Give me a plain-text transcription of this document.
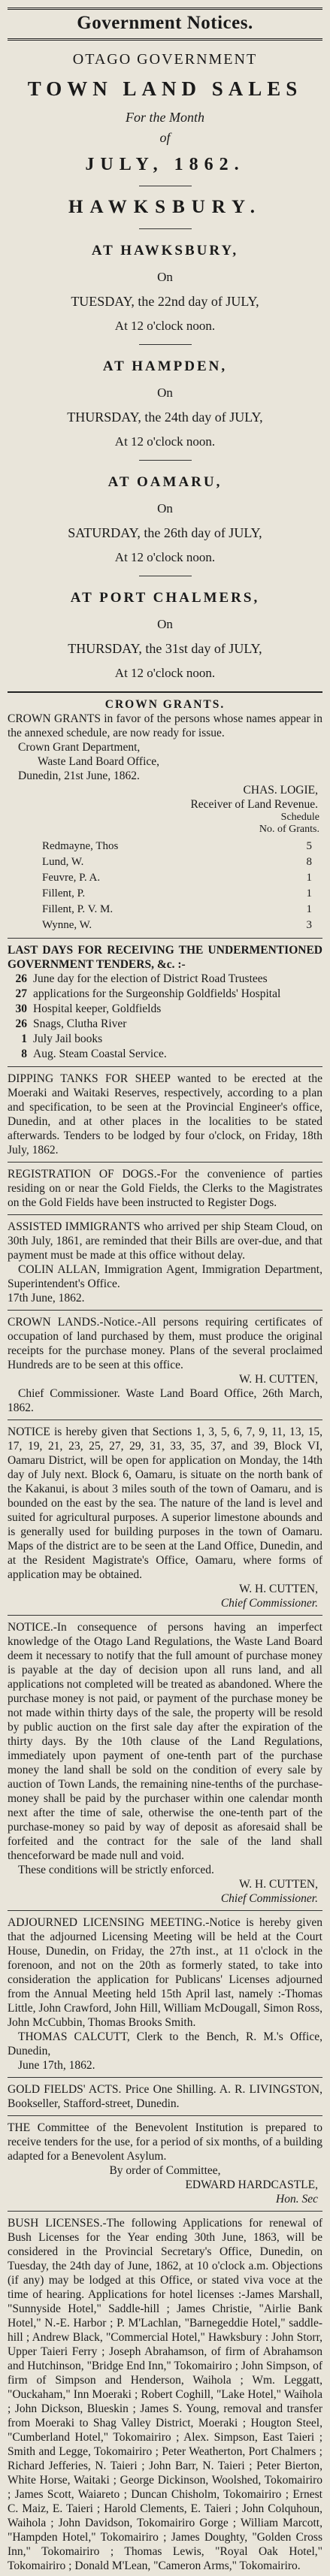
Government Notices.
OTAGO GOVERNMENT
TOWN LAND SALES
For the Month
of
JULY, 1862.
HAWKSBURY.
AT HAWKSBURY,
On
TUESDAY, the 22nd day of JULY,
At 12 o'clock noon.
AT HAMPDEN,
On
THURSDAY, the 24th day of JULY,
At 12 o'clock noon.
AT OAMARU,
On
SATURDAY, the 26th day of JULY,
At 12 o'clock noon.
AT PORT CHALMERS,
On
THURSDAY, the 31st day of JULY,
At 12 o'clock noon.
CROWN GRANTS.

CROWN GRANTS in favor of the persons whose names appear in the annexed schedule, are now ready for issue.

Crown Grant Department,

Waste Land Board Office,

Dunedin, 21st June, 1862.

CHAS. LOGIE,
Receiver of Land Revenue.
Schedule
No. of Grants.
Redmayne, Thos	5
Lund, W.	8
Feuvre, P. A.	1
Fillent, P.	1
Fillent, P. V. M.	1
Wynne, W.	3

LAST DAYS FOR RECEIVING THE UNDERMENTIONED GOVERNMENT TENDERS, &c. :-

26	June day for the election of District Road Trustees
27	applications for the Surgeonship Goldfields' Hospital
30	Hospital keeper, Goldfields
26	Snags, Clutha River
1	July Jail books
8	Aug. Steam Coastal Service.

DIPPING TANKS FOR SHEEP wanted to be erected at the Moeraki and Waitaki Reserves, respectively, according to a plan and specification, to be seen at the Provincial Engineer's office, Dunedin, and at other places in the localities to be stated afterwards. Tenders to be lodged by four o'clock, on Friday, 18th July, 1862.

REGISTRATION OF DOGS.-For the convenience of parties residing on or near the Gold Fields, the Clerks to the Magistrates on the Gold Fields have been instructed to Register Dogs.

ASSISTED IMMIGRANTS who arrived per ship Steam Cloud, on 30th July, 1861, are reminded that their Bills are over-due, and that payment must be made at this office without delay.

COLIN ALLAN, Immigration Agent, Immigration Department, Superintendent's Office.

17th June, 1862.

CROWN LANDS.-Notice.-All persons requiring certificates of occupation of land purchased by them, must produce the original receipts for the purchase money. Plans of the several proclaimed Hundreds are to be seen at this office.

W. H. CUTTEN,

Chief Commissioner. Waste Land Board Office, 26th March, 1862.

NOTICE is hereby given that Sections 1, 3, 5, 6, 7, 9, 11, 13, 15, 17, 19, 21, 23, 25, 27, 29, 31, 33, 35, 37, and 39, Block VI, Oamaru District, will be open for application on Monday, the 14th day of July next. Block 6, Oamaru, is situate on the north bank of the Kakanui, is about 3 miles south of the town of Oamaru, and is bounded on the east by the sea. The nature of the land is level and suited for agricultural purposes. A superior limestone abounds and is generally used for building purposes in the town of Oamaru. Maps of the district are to be seen at the Land Office, Dunedin, and at the Resident Magistrate's Office, Oamaru, where forms of application may be obtained.

W. H. CUTTEN,
Chief Commissioner.

NOTICE.-In consequence of persons having an imperfect knowledge of the Otago Land Regulations, the Waste Land Board deem it necessary to notify that the full amount of purchase money is payable at the day of decision upon all runs land, and all applications not completed will be treated as abandoned. Where the purchase money is not paid, or payment of the purchase money be not made within thirty days of the sale, the property will be resold by public auction on the first sale day after the expiration of the thirty days. By the 10th clause of the Land Regulations, immediately upon payment of one-tenth part of the purchase money the land shall be sold on the condition of every sale by auction of Town Lands, the remaining nine-tenths of the purchase-money shall be paid by the purchaser within one calendar month next after the time of sale, otherwise the one-tenth part of the purchase-money so paid by way of deposit as aforesaid shall be forfeited and the contract for the sale of the land shall thenceforward be made null and void.

These conditions will be strictly enforced.

W. H. CUTTEN,
Chief Commissioner.

ADJOURNED LICENSING MEETING.-Notice is hereby given that the adjourned Licensing Meeting will be held at the Court House, Dunedin, on Friday, the 27th inst., at 11 o'clock in the forenoon, and not on the 20th as formerly stated, to take into consideration the application for Publicans' Licenses adjourned from the Annual Meeting held 15th April last, namely :-Thomas Little, John Crawford, John Hill, William McDougall, Simon Ross, John McCubbin, Thomas Brooks Smith.

THOMAS CALCUTT, Clerk to the Bench, R. M.'s Office, Dunedin,

June 17th, 1862.

GOLD FIELDS' ACTS. Price One Shilling. A. R. LIVINGSTON, Bookseller, Stafford-street, Dunedin.

THE Committee of the Benevolent Institution is prepared to receive tenders for the use, for a period of six months, of a building adapted for a Benevolent Asylum.

By order of Committee,
EDWARD HARDCASTLE,
Hon. Sec

BUSH LICENSES.-The following Applications for renewal of Bush Licenses for the Year ending 30th June, 1863, will be considered in the Provincial Secretary's Office, Dunedin, on Tuesday, the 24th day of June, 1862, at 10 o'clock a.m. Objections (if any) may be lodged at this Office, or stated viva voce at the time of hearing. Applications for hotel licenses :-James Marshall, "Sunnyside Hotel," Saddle-hill ; James Christie, "Airlie Bank Hotel," N.-E. Harbor ; P. M'Lachlan, "Barnegeddie Hotel," saddle-hill ; Andrew Black, "Commercial Hotel," Hawksbury : John Storr, Upper Taieri Ferry ; Joseph Abrahamson, of firm of Abrahamson and Hutchinson, "Bridge End Inn," Tokomairiro ; John Simpson, of firm of Simpson and Henderson, Waihola ; Wm. Leggatt, "Ouckaham," Inn Moeraki ; Robert Coghill, "Lake Hotel," Waihola ; John Dickson, Blueskin ; James S. Young, removal and transfer from Moeraki to Shag Valley District, Moeraki ; Hougton Steel, "Cumberland Hotel," Tokomairiro ; Alex. Simpson, East Taieri ; Smith and Legge, Tokomairiro ; Peter Weatherton, Port Chalmers ; Richard Jefferies, N. Taieri ; John Barr, N. Taieri ; Peter Bierton, White Horse, Waitaki ; George Dickinson, Woolshed, Tokomairiro ; James Scott, Waiareto ; Duncan Chisholm, Tokomairiro ; Ernest C. Maiz, E. Taieri ; Harold Clements, E. Taieri ; John Colquhoun, Waihola ; John Davidson, Tokomairiro Gorge ; William Marcott, "Hampden Hotel," Tokomairiro ; James Doughty, "Golden Cross Inn," Tokomairiro ; Thomas Lewis, "Royal Oak Hotel," Tokomairiro ; Donald M'Lean, "Cameron Arms," Tokomairiro.
